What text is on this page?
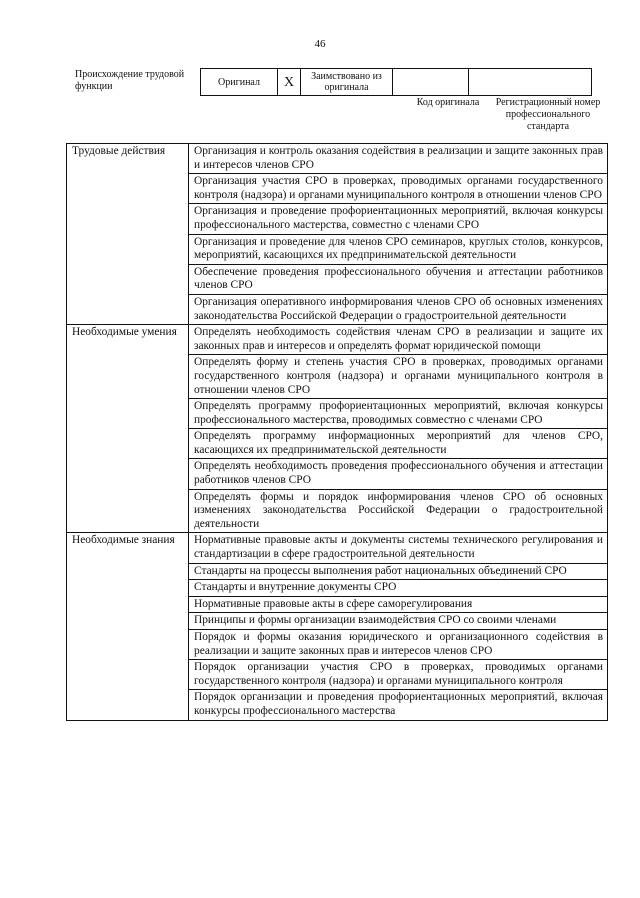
46
Происхождение трудовой функции	Оригинал	X	Заимствовано из оригинала		
Код оригинала	Регистрационный номер профессионального стандарта
Трудовые действия	Организация и контроль оказания содействия в реализации и защите законных прав и интересов членов СРО
	Организация участия СРО в проверках, проводимых органами государственного контроля (надзора) и органами муниципального контроля в отношении членов СРО
	Организация и проведение профориентационных мероприятий, включая конкурсы профессионального мастерства, совместно с членами СРО
	Организация и проведение для членов СРО семинаров, круглых столов, конкурсов, мероприятий, касающихся их предпринимательской деятельности
	Обеспечение проведения профессионального обучения и аттестации работников членов СРО
	Организация оперативного информирования членов СРО об основных изменениях законодательства Российской Федерации о градостроительной деятельности
Необходимые умения	Определять необходимость содействия членам СРО в реализации и защите их законных прав и интересов и определять формат юридической помощи
	Определять форму и степень участия СРО в проверках, проводимых органами государственного контроля (надзора) и органами муниципального контроля в отношении членов СРО
	Определять программу профориентационных мероприятий, включая конкурсы профессионального мастерства, проводимых совместно с членами СРО
	Определять программу информационных мероприятий для членов СРО, касающихся их предпринимательской деятельности
	Определять необходимость проведения профессионального обучения и аттестации работников членов СРО
	Определять формы и порядок информирования членов СРО об основных изменениях законодательства Российской Федерации о градостроительной деятельности
Необходимые знания	Нормативные правовые акты и документы системы технического регулирования и стандартизации в сфере градостроительной деятельности
	Стандарты на процессы выполнения работ национальных объединений СРО
	Стандарты и внутренние документы СРО
	Нормативные правовые акты в сфере саморегулирования
	Принципы и формы организации взаимодействия СРО со своими членами
	Порядок и формы оказания юридического и организационного содействия в реализации и защите законных прав и интересов членов СРО
	Порядок организации участия СРО в проверках, проводимых органами государственного контроля (надзора) и органами муниципального контроля
	Порядок организации и проведения профориентационных мероприятий, включая конкурсы профессионального мастерства
